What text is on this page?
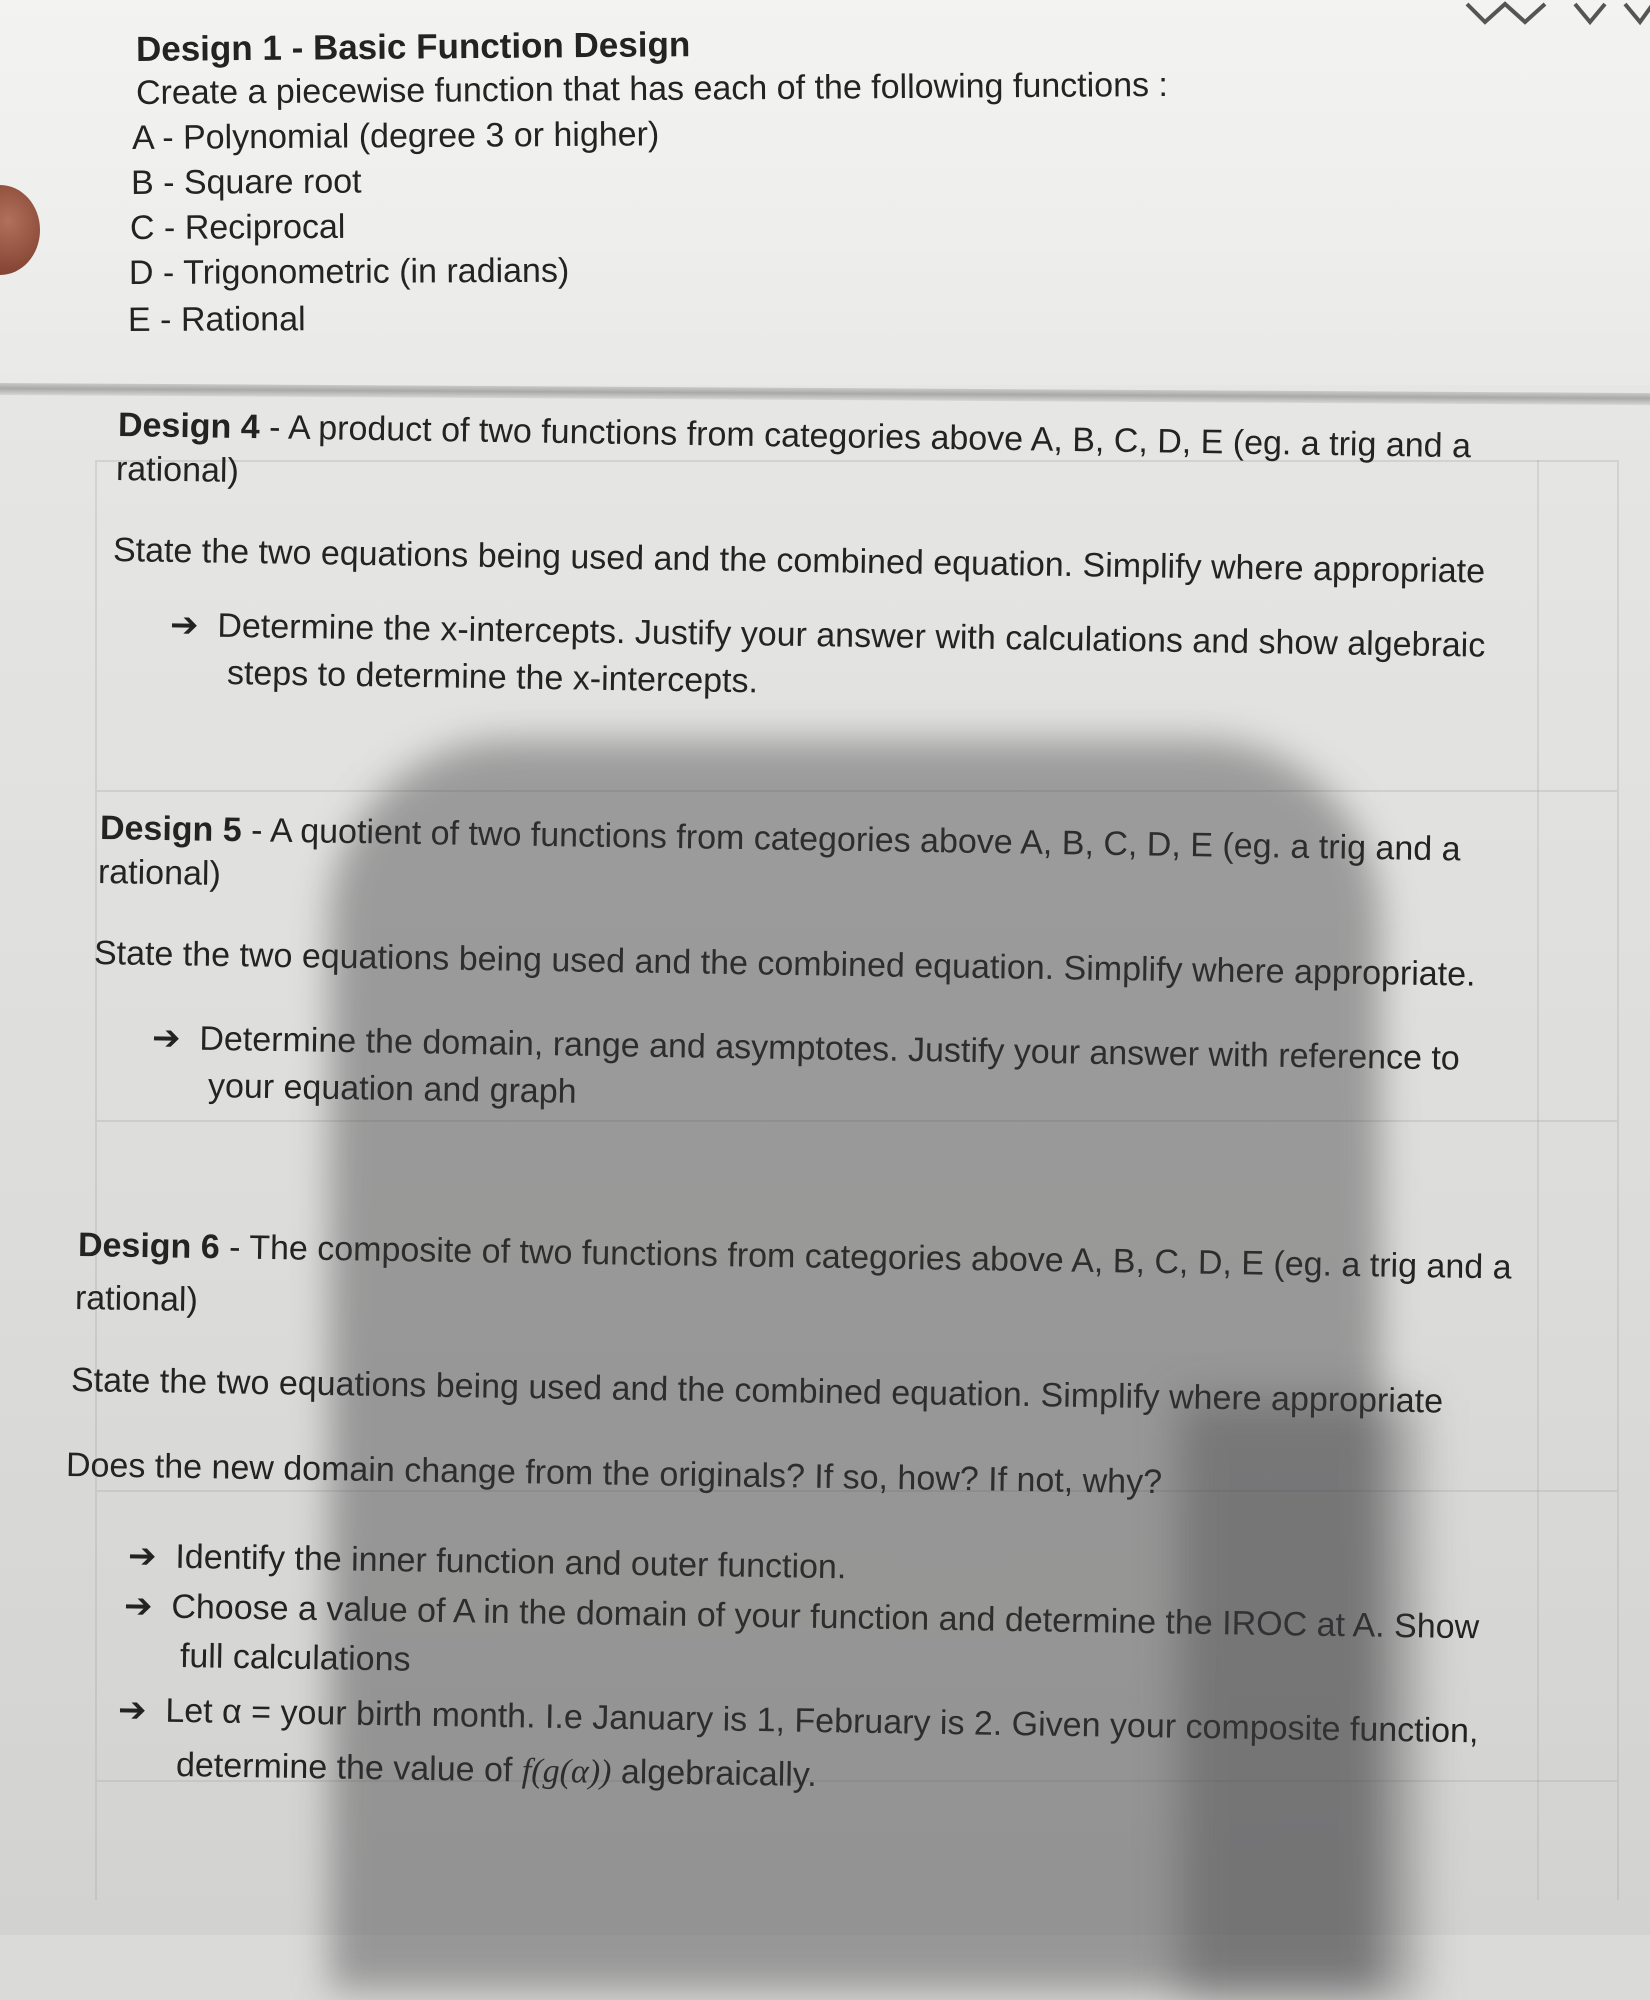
Design 1 - Basic Function Design
Create a piecewise function that has each of the following functions :
A - Polynomial (degree 3 or higher)
B - Square root
C - Reciprocal
D - Trigonometric (in radians)
E - Rational
Design 4 - A product of two functions from categories above A, B, C, D, E (eg. a trig and a
rational)
State the two equations being used and the combined equation. Simplify where appropriate
➔ Determine the x-intercepts. Justify your answer with calculations and show algebraic
steps to determine the x-intercepts.
Design 5 - A quotient of two functions from categories above A, B, C, D, E (eg. a trig and a
rational)
State the two equations being used and the combined equation. Simplify where appropriate.
➔ Determine the domain, range and asymptotes. Justify your answer with reference to
your equation and graph
Design 6 - The composite of two functions from categories above A, B, C, D, E (eg. a trig and a
rational)
State the two equations being used and the combined equation. Simplify where appropriate
Does the new domain change from the originals? If so, how? If not, why?
➔ Identify the inner function and outer function.
➔ Choose a value of A in the domain of your function and determine the IROC at A. Show
full calculations
➔ Let α = your birth month. I.e January is 1, February is 2. Given your composite function,
determine the value of f(g(α)) algebraically.
